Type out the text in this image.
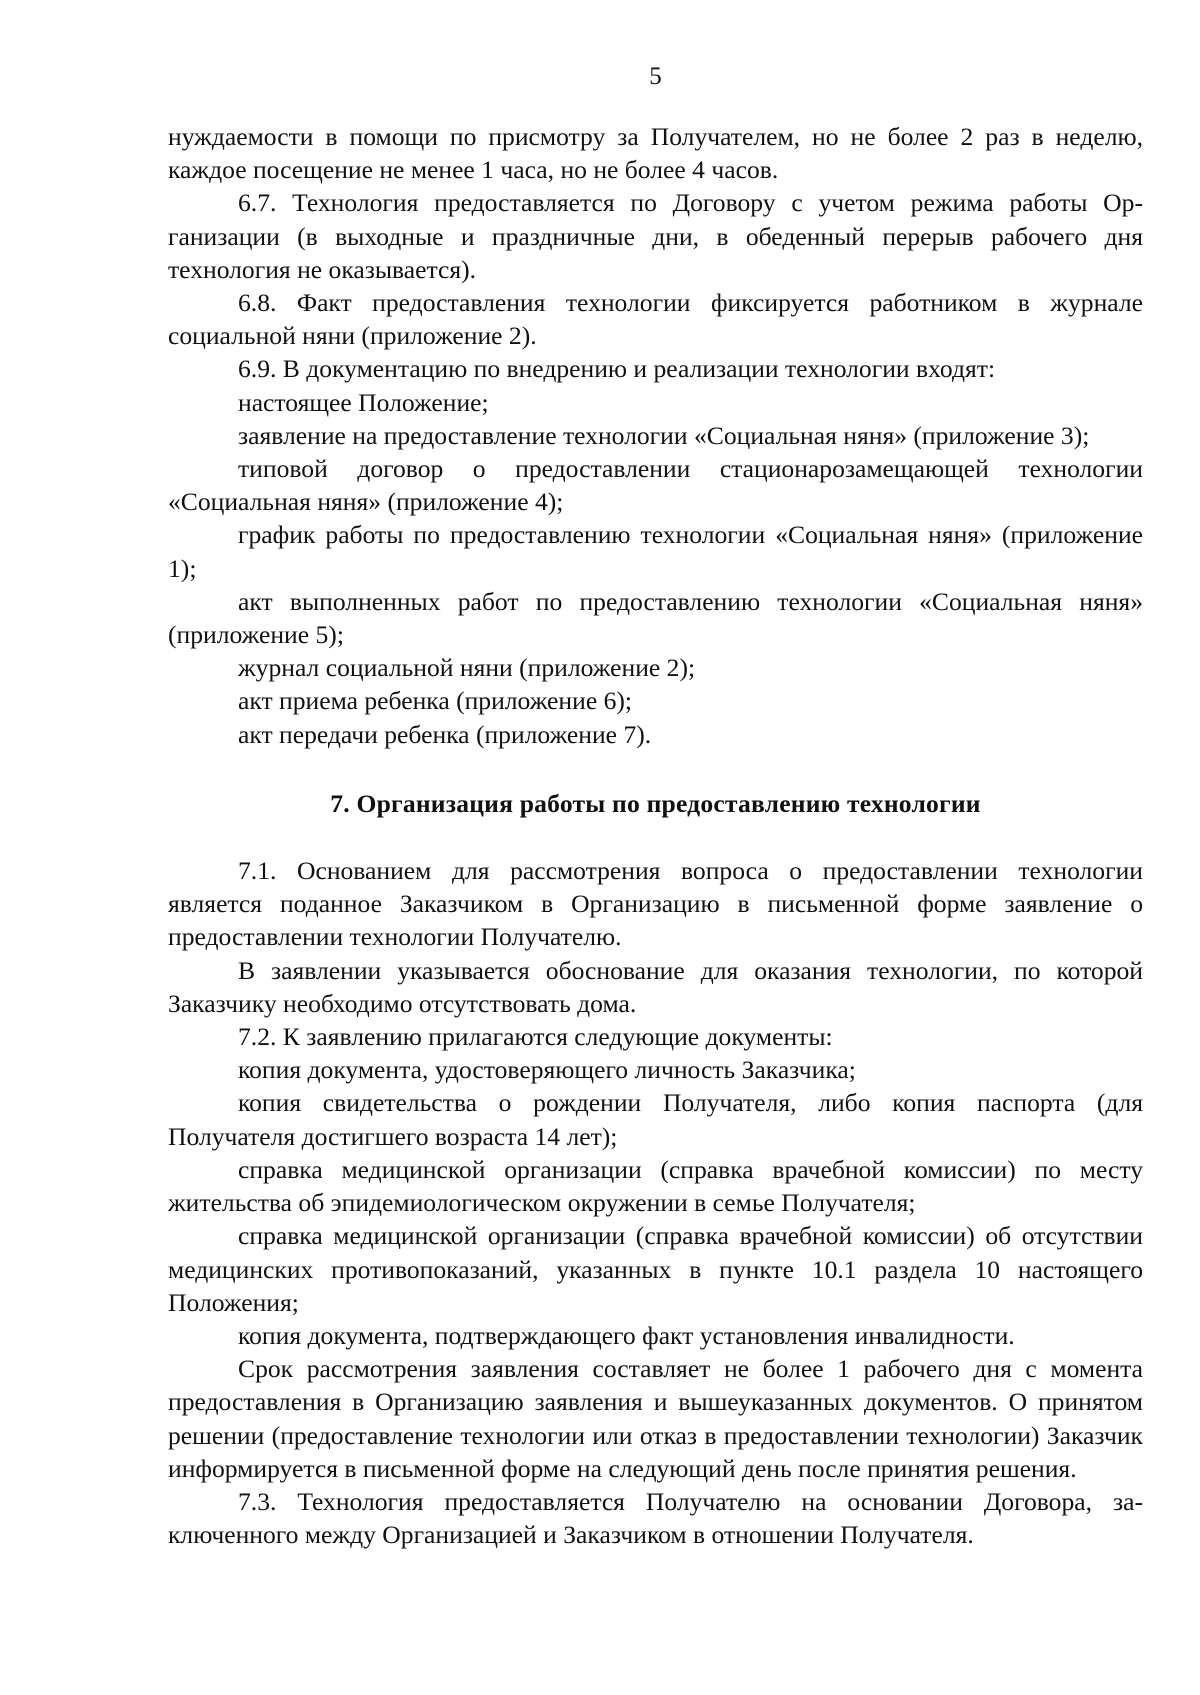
5

нуждаемости в помощи по присмотру за Получателем, но не более 2 раз в неделю, каждое посещение не менее 1 часа, но не более 4 часов.

6.7. Технология предоставляется по Договору с учетом режима работы Организации (в выходные и праздничные дни, в обеденный перерыв рабочего дня технология не оказывается).

6.8. Факт предоставления технологии фиксируется работником в журнале социальной няни (приложение 2).

6.9. В документацию по внедрению и реализации технологии входят:

настоящее Положение;

заявление на предоставление технологии «Социальная няня» (приложение 3);

типовой договор о предоставлении стационарозамещающей технологии «Социальная няня» (приложение 4);

график работы по предоставлению технологии «Социальная няня» (приложение 1);

акт выполненных работ по предоставлению технологии «Социальная няня» (приложение 5);

журнал социальной няни (приложение 2);

акт приема ребенка (приложение 6);

акт передачи ребенка (приложение 7).

7. Организация работы по предоставлению технологии

7.1. Основанием для рассмотрения вопроса о предоставлении технологии является поданное Заказчиком в Организацию в письменной форме заявление о предоставлении технологии Получателю.

В заявлении указывается обоснование для оказания технологии, по которой Заказчику необходимо отсутствовать дома.

7.2. К заявлению прилагаются следующие документы:

копия документа, удостоверяющего личность Заказчика;

копия свидетельства о рождении Получателя, либо копия паспорта (для Получателя достигшего возраста 14 лет);

справка медицинской организации (справка врачебной комиссии) по месту жительства об эпидемиологическом окружении в семье Получателя;

справка медицинской организации (справка врачебной комиссии) об отсутствии медицинских противопоказаний, указанных в пункте 10.1 раздела 10 настоящего Положения;

копия документа, подтверждающего факт установления инвалидности.

Срок рассмотрения заявления составляет не более 1 рабочего дня с момента предоставления в Организацию заявления и вышеуказанных документов. О принятом решении (предоставление технологии или отказ в предоставлении технологии) Заказчик информируется в письменной форме на следующий день после принятия решения.

7.3. Технология предоставляется Получателю на основании Договора, заключенного между Организацией и Заказчиком в отношении Получателя.
